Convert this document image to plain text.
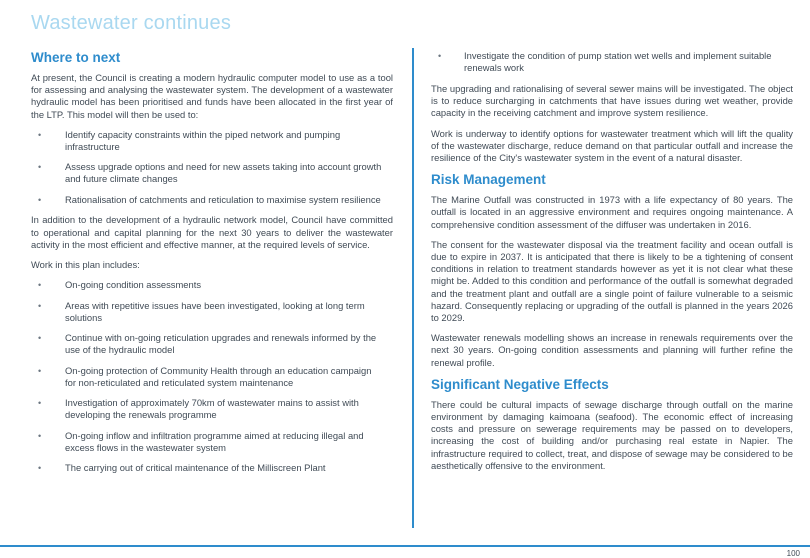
Wastewater continues
Where to next

At present, the Council is creating a modern hydraulic computer model to use as a tool for assessing and analysing the wastewater system. The development of a wastewater hydraulic model has been prioritised and funds have been allocated in the first year of the LTP. This model will then be used to:

•	Identify capacity constraints within the piped network and pumping infrastructure
•	Assess upgrade options and need for new assets taking into account growth and future climate changes
•	Rationalisation of catchments and reticulation to maximise system resilience

In addition to the development of a hydraulic network model, Council have committed to operational and capital planning for the next 30 years to deliver the wastewater activity in the most efficient and effective manner, at the required levels of service.

Work in this plan includes:

•	On-going condition assessments
•	Areas with repetitive issues have been investigated, looking at long term solutions
•	Continue with on-going reticulation upgrades and renewals informed by the use of the hydraulic model
•	On-going protection of Community Health through an education campaign for non-reticulated and reticulated system maintenance
•	Investigation of approximately 70km of wastewater mains to assist with developing the renewals programme
•	On-going inflow and infiltration programme aimed at reducing illegal and excess flows in the wastewater system
•	The carrying out of critical maintenance of the Milliscreen Plant
• Investigate the condition of pump station wet wells and implement suitable renewals work

The upgrading and rationalising of several sewer mains will be investigated. The object is to reduce surcharging in catchments that have issues during wet weather, provide capacity in the receiving catchment and improve system resilience.

Work is underway to identify options for wastewater treatment which will lift the quality of the wastewater discharge, reduce demand on that particular outfall and increase the resilience of the City's wastewater system in the event of a natural disaster.

Risk Management

The Marine Outfall was constructed in 1973 with a life expectancy of 80 years. The outfall is located in an aggressive environment and requires ongoing maintenance. A comprehensive condition assessment of the diffuser was undertaken in 2016.

The consent for the wastewater disposal via the treatment facility and ocean outfall is due to expire in 2037. It is anticipated that there is likely to be a tightening of consent conditions in relation to treatment standards however as yet it is not clear what these might be. Added to this condition and performance of the outfall is somewhat degraded and the treatment plant and outfall are a single point of failure vulnerable to a seismic hazard. Consequently replacing or upgrading of the outfall is planned in the years 2026 to 2029.

Wastewater renewals modelling shows an increase in renewals requirements over the next 30 years. On-going condition assessments and planning will further refine the renewal profile.

Significant Negative Effects

There could be cultural impacts of sewage discharge through outfall on the marine environment by damaging kaimoana (seafood). The economic effect of increasing costs and pressure on sewerage requirements may be passed on to developers, increasing the cost of building and/or purchasing real estate in Napier. The infrastructure required to collect, treat, and dispose of sewage may be considered to be aesthetically offensive to the environment.

100
